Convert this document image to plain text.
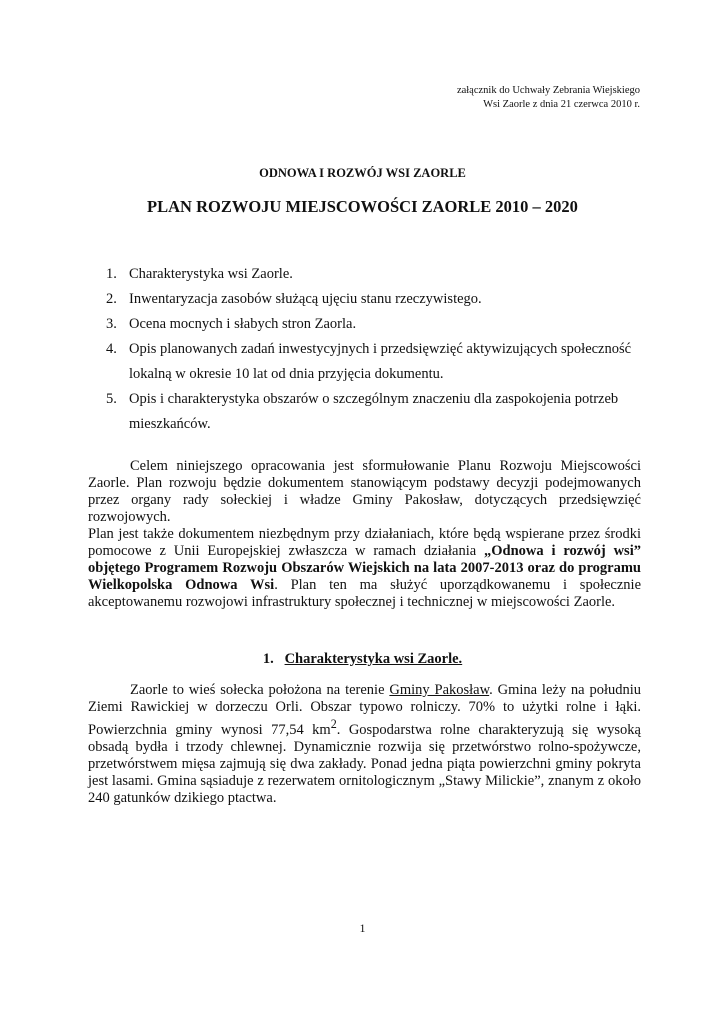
załącznik do Uchwały Zebrania Wiejskiego
Wsi Zaorle z dnia 21 czerwca 2010 r.
ODNOWA I ROZWÓJ WSI ZAORLE
PLAN ROZWOJU MIEJSCOWOŚCI ZAORLE 2010 – 2020
1. Charakterystyka wsi Zaorle.
2. Inwentaryzacja zasobów służącą ujęciu stanu rzeczywistego.
3. Ocena mocnych i słabych stron Zaorla.
4. Opis planowanych zadań inwestycyjnych i przedsięwzięć aktywizujących społeczność
lokalną w okresie 10 lat od dnia przyjęcia dokumentu.
5. Opis i charakterystyka obszarów o szczególnym znaczeniu dla zaspokojenia potrzeb
mieszkańców.

Celem niniejszego opracowania jest sformułowanie Planu Rozwoju Miejscowości Zaorle. Plan rozwoju będzie dokumentem stanowiącym podstawy decyzji podejmowanych przez organy rady sołeckiej i władze Gminy Pakosław, dotyczących przedsięwzięć rozwojowych.

Plan jest także dokumentem niezbędnym przy działaniach, które będą wspierane przez środki pomocowe z Unii Europejskiej zwłaszcza w ramach działania „Odnowa i rozwój wsi” objętego Programem Rozwoju Obszarów Wiejskich na lata 2007-2013 oraz do programu Wielkopolska Odnowa Wsi. Plan ten ma służyć uporządkowanemu i społecznie akceptowanemu rozwojowi infrastruktury społecznej i technicznej w miejscowości Zaorle.

1. Charakterystyka wsi Zaorle.

Zaorle to wieś sołecka położona na terenie Gminy Pakosław. Gmina leży na południu Ziemi Rawickiej w dorzeczu Orli. Obszar typowo rolniczy. 70% to użytki rolne i łąki. Powierzchnia gminy wynosi 77,54 $km^2$. Gospodarstwa rolne charakteryzują się wysoką obsadą bydła i trzody chlewnej. Dynamicznie rozwija się przetwórstwo rolno-spożywcze, przetwórstwem mięsa zajmują się dwa zakłady. Ponad jedna piąta powierzchni gminy pokryta jest lasami. Gmina sąsiaduje z rezerwatem ornitologicznym „Stawy Milickie”, znanym z około 240 gatunków dzikiego ptactwa.

1
